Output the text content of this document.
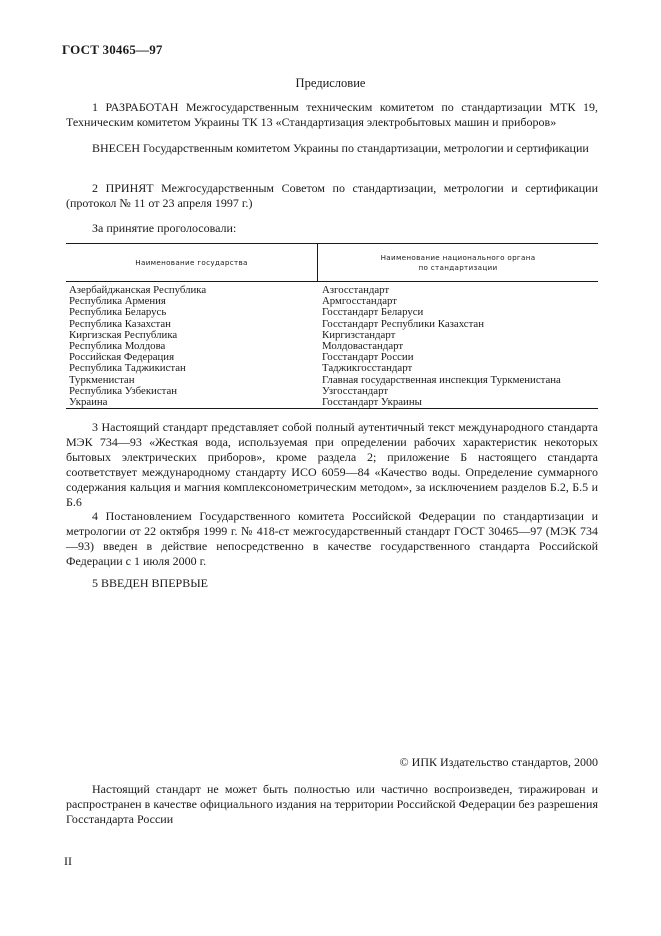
ГОСТ 30465—97
Предисловие
1 РАЗРАБОТАН Межгосударственным техническим комитетом по стандартизации МТК 19, Техническим комитетом Украины ТК 13 «Стандартизация электробытовых машин и приборов»
ВНЕСЕН Государственным комитетом Украины по стандартизации, метрологии и сертификации
2 ПРИНЯТ Межгосударственным Советом по стандартизации, метрологии и сертификации (протокол № 11 от 23 апреля 1997 г.)
За принятие проголосовали:
Наименование государства
Наименование национального органа
по стандартизации
Азербайджанская Республика
Республика Армения
Республика Беларусь
Республика Казахстан
Киргизская Республика
Республика Молдова
Российская Федерация
Республика Таджикистан
Туркменистан
Республика Узбекистан
Украина
Азгосстандарт
Армгосстандарт
Госстандарт Беларуси
Госстандарт Республики Казахстан
Киргизстандарт
Молдовастандарт
Госстандарт России
Таджикгосстандарт
Главная государственная инспекция Туркменистана
Узгосстандарт
Госстандарт Украины
3 Настоящий стандарт представляет собой полный аутентичный текст международного стандарта МЭК 734—93 «Жесткая вода, используемая при определении рабочих характеристик некоторых бытовых электрических приборов», кроме раздела 2; приложение Б настоящего стандарта соответствует международному стандарту ИСО 6059—84 «Качество воды. Определение суммарного содержания кальция и магния комплексонометрическим методом», за исключением разделов Б.2, Б.5 и Б.6
4 Постановлением Государственного комитета Российской Федерации по стандартизации и метрологии от 22 октября 1999 г. № 418-ст межгосударственный стандарт ГОСТ 30465—97 (МЭК 734—93) введен в действие непосредственно в качестве государственного стандарта Российской Федерации с 1 июля 2000 г.
5 ВВЕДЕН ВПЕРВЫЕ
© ИПК Издательство стандартов, 2000
Настоящий стандарт не может быть полностью или частично воспроизведен, тиражирован и распространен в качестве официального издания на территории Российской Федерации без разрешения Госстандарта России
II
